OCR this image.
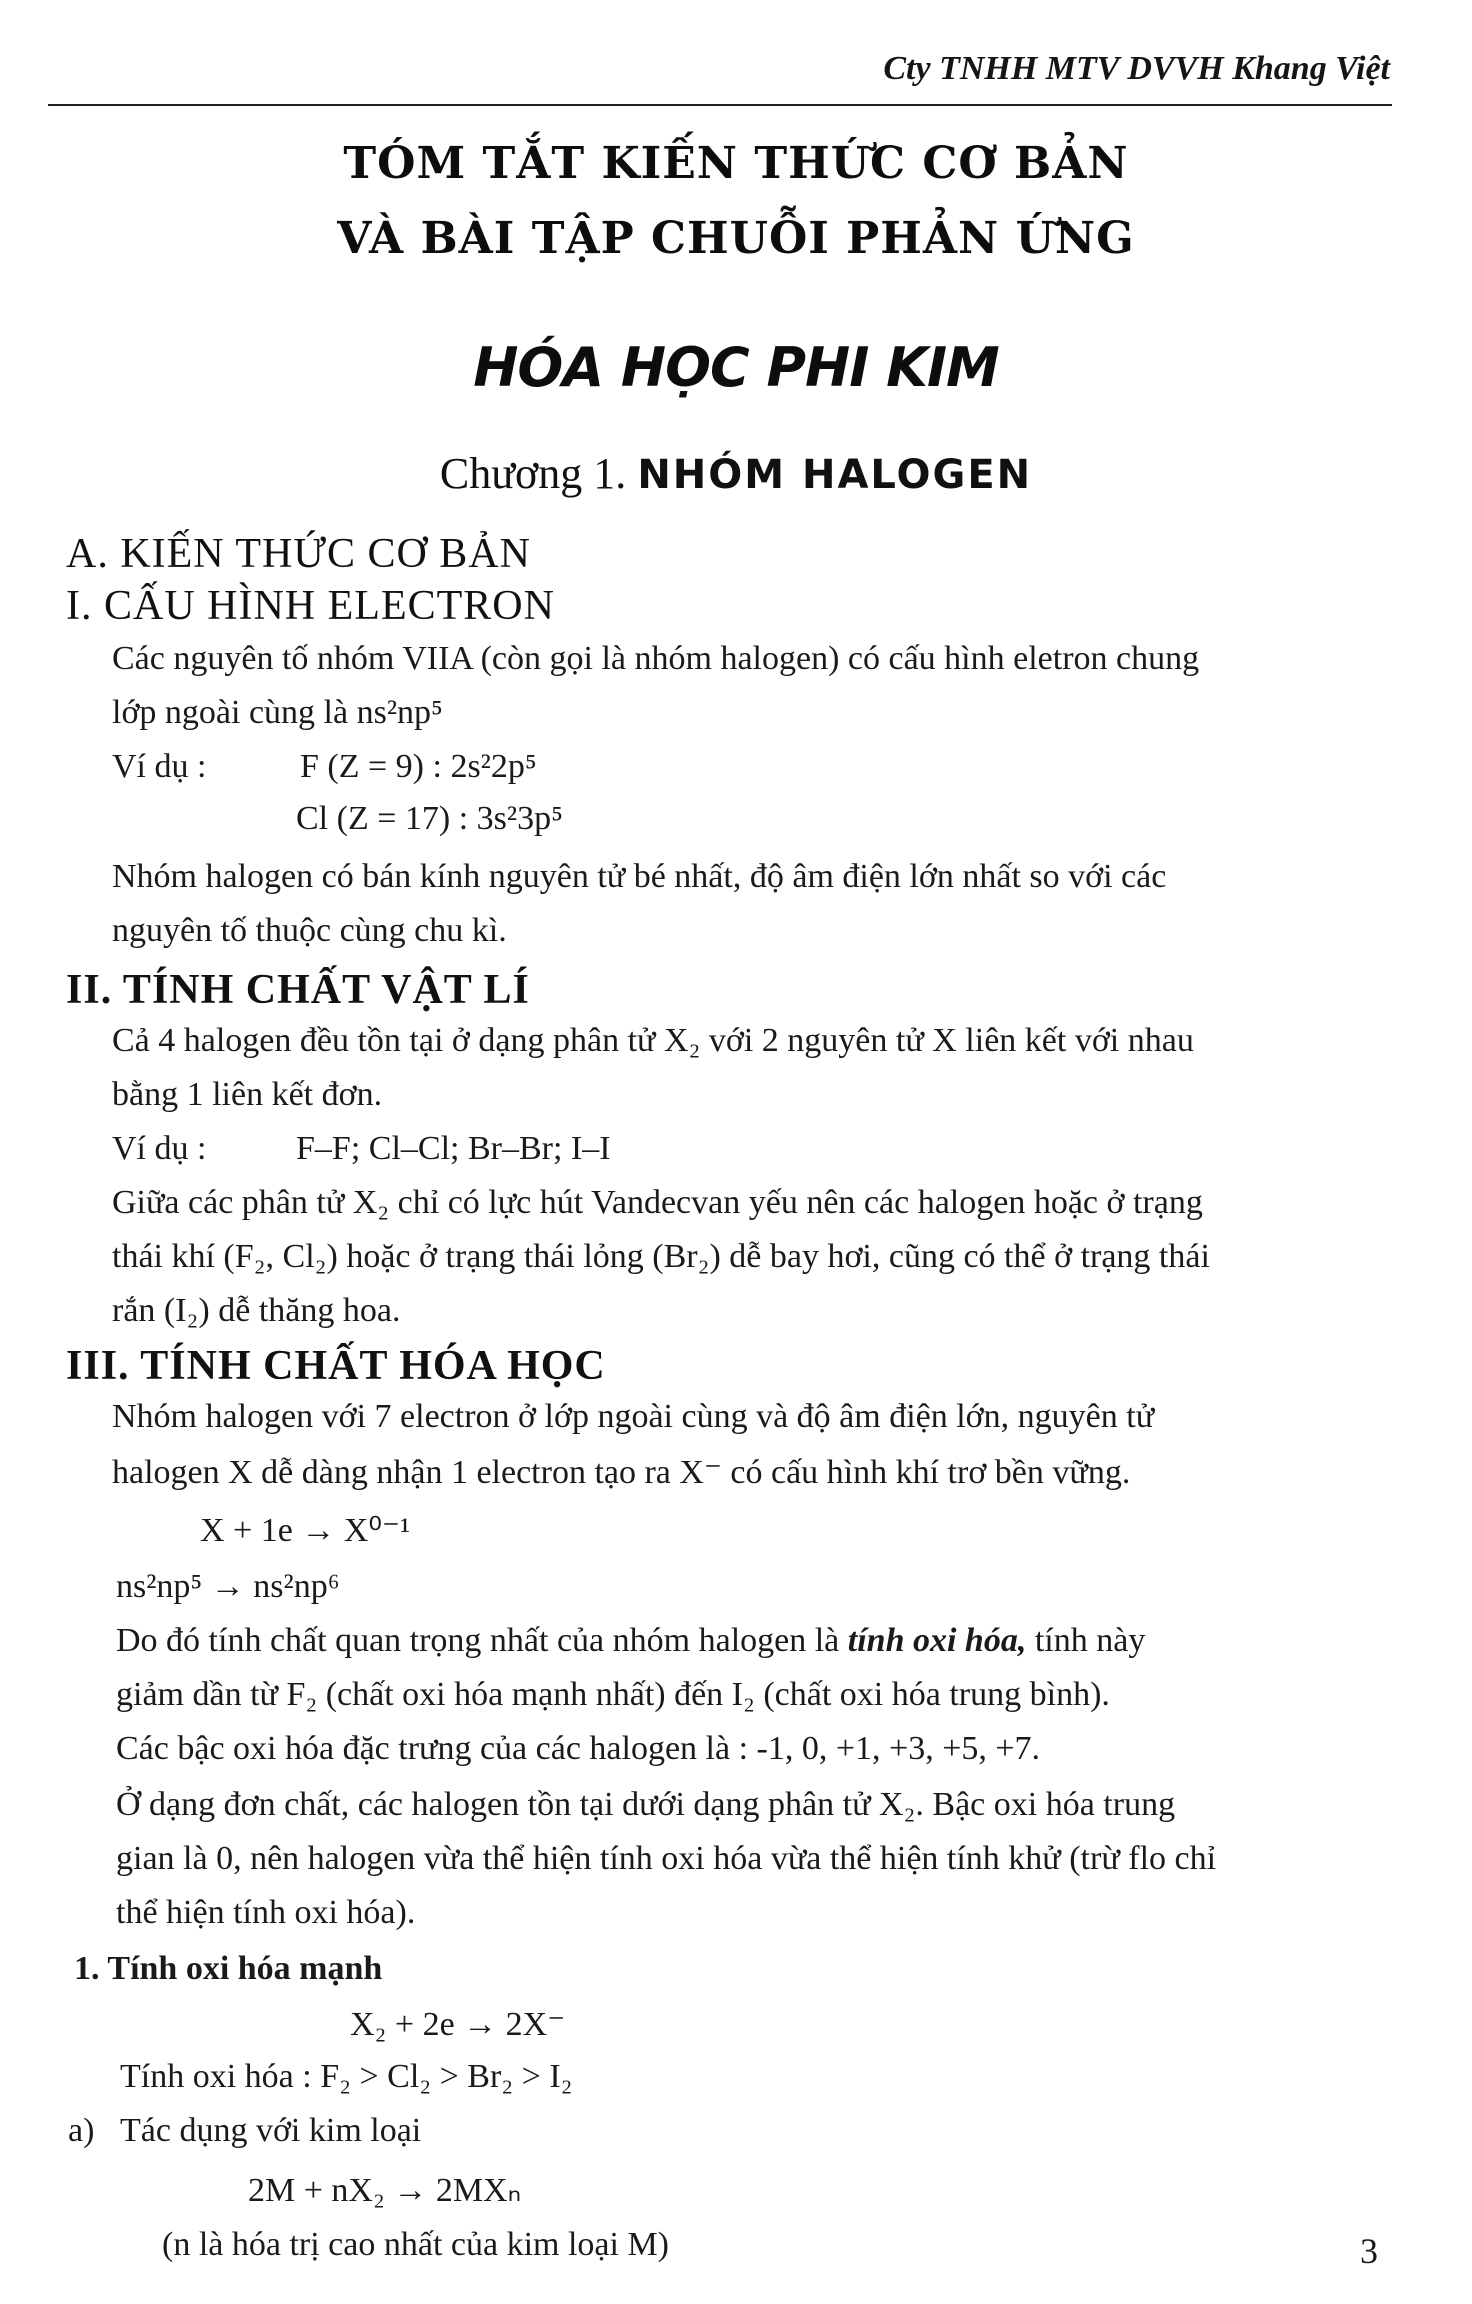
Cty TNHH MTV DVVH Khang Việt
TÓM TẮT KIẾN THỨC CƠ BẢN
VÀ BÀI TẬP CHUỖI PHẢN ỨNG
HÓA HỌC PHI KIM
Chương 1. NHÓM HALOGEN
A. KIẾN THỨC CƠ BẢN
I. CẤU HÌNH ELECTRON
Các nguyên tố nhóm VIIA (còn gọi là nhóm halogen) có cấu hình eletron chung
lớp ngoài cùng là ns²np⁵
Ví dụ :	F (Z = 9) : 2s²2p⁵
Cl (Z = 17) : 3s²3p⁵
Nhóm halogen có bán kính nguyên tử bé nhất, độ âm điện lớn nhất so với các
nguyên tố thuộc cùng chu kì.
II. TÍNH CHẤT VẬT LÍ
Cả 4 halogen đều tồn tại ở dạng phân tử X₂ với 2 nguyên tử X liên kết với nhau
bằng 1 liên kết đơn.
Ví dụ :	F–F; Cl–Cl; Br–Br; I–I
Giữa các phân tử X₂ chỉ có lực hút Vandecvan yếu nên các halogen hoặc ở trạng
thái khí (F₂, Cl₂) hoặc ở trạng thái lỏng (Br₂) dễ bay hơi, cũng có thể ở trạng thái
rắn (I₂) dễ thăng hoa.
III. TÍNH CHẤT HÓA HỌC
Nhóm halogen với 7 electron ở lớp ngoài cùng và độ âm điện lớn, nguyên tử
halogen X dễ dàng nhận 1 electron tạo ra X⁻ có cấu hình khí trơ bền vững.
X + 1e → X⁰⁻¹
ns²np⁵ → ns²np⁶
Do đó tính chất quan trọng nhất của nhóm halogen là tính oxi hóa, tính này
giảm dần từ F₂ (chất oxi hóa mạnh nhất) đến I₂ (chất oxi hóa trung bình).
Các bậc oxi hóa đặc trưng của các halogen là : -1, 0, +1, +3, +5, +7.
Ở dạng đơn chất, các halogen tồn tại dưới dạng phân tử X₂. Bậc oxi hóa trung
gian là 0, nên halogen vừa thể hiện tính oxi hóa vừa thể hiện tính khử (trừ flo chỉ
thể hiện tính oxi hóa).
1. Tính oxi hóa mạnh
X₂ + 2e → 2X⁻
Tính oxi hóa : F₂ > Cl₂ > Br₂ > I₂
a) Tác dụng với kim loại
2M + nX₂ → 2MXₙ
(n là hóa trị cao nhất của kim loại M)	3
